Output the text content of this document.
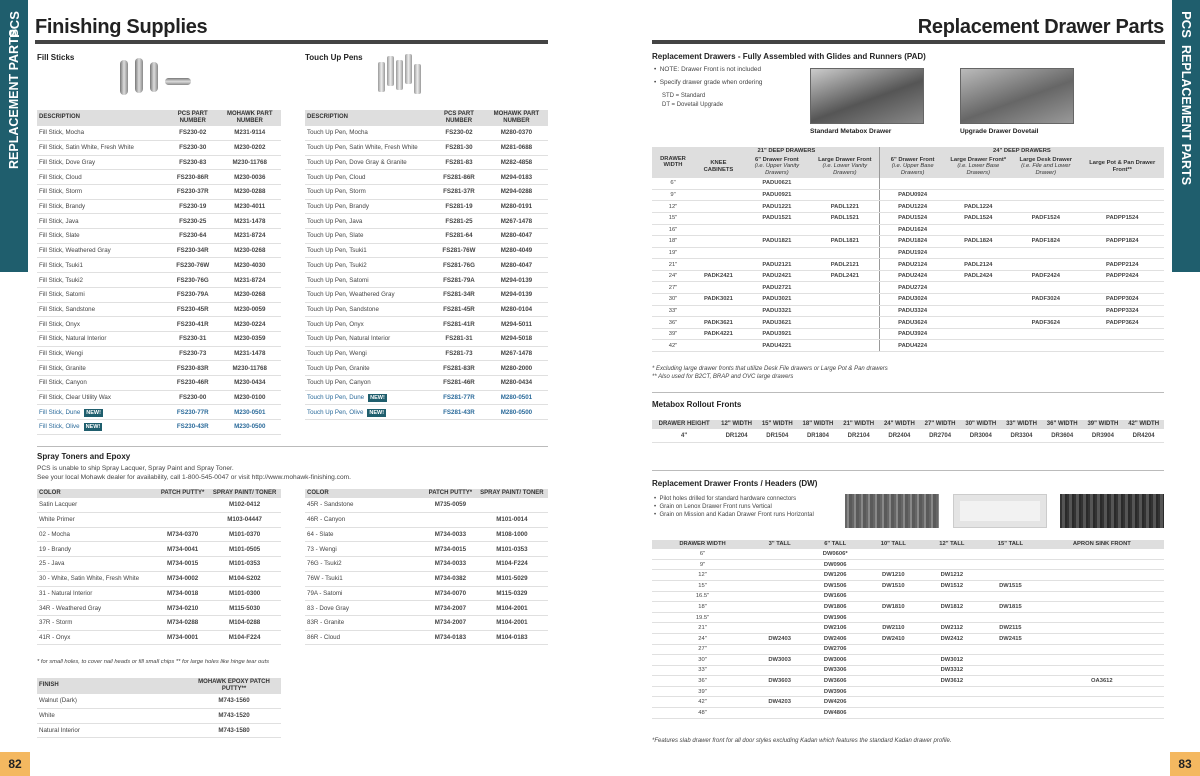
PCS
REPLACEMENT PARTS
82
PCS
REPLACEMENT PARTS
83
Finishing Supplies	Replacement Drawer Parts
Fill Sticks
DESCRIPTION	PCS PART NUMBER	MOHAWK PART NUMBER
Fill Stick, Mocha	FS230-02	M231-9114
Fill Stick, Satin White, Fresh White	FS230-30	M230-0202
Fill Stick, Dove Gray	FS230-83	M230-11768
Fill Stick, Cloud	FS230-86R	M230-0036
Fill Stick, Storm	FS230-37R	M230-0288
Fill Stick, Brandy	FS230-19	M230-4011
Fill Stick, Java	FS230-25	M231-1478
Fill Stick, Slate	FS230-64	M231-8724
Fill Stick, Weathered Gray	FS230-34R	M230-0268
Fill Stick, Tsuki1	FS230-76W	M230-4030
Fill Stick, Tsuki2	FS230-76G	M231-8724
Fill Stick, Satomi	FS230-79A	M230-0268
Fill Stick, Sandstone	FS230-45R	M230-0059
Fill Stick, Onyx	FS230-41R	M230-0224
Fill Stick, Natural Interior	FS230-31	M230-0359
Fill Stick, Wengi	FS230-73	M231-1478
Fill Stick, Granite	FS230-83R	M230-11768
Fill Stick, Canyon	FS230-46R	M230-0434
Fill Stick, Clear Utility Wax	FS230-00	M230-0100
Fill Stick, Dune NEW!	FS230-77R	M230-0501
Fill Stick, Olive NEW!	FS230-43R	M230-0500
Touch Up Pens
DESCRIPTION	PCS PART NUMBER	MOHAWK PART NUMBER
Touch Up Pen, Mocha	FS230-02	M280-0370
Touch Up Pen, Satin White, Fresh White	FS281-30	M281-0688
Touch Up Pen, Dove Gray & Granite	FS281-83	M282-4858
Touch Up Pen, Cloud	FS281-86R	M294-0183
Touch Up Pen, Storm	FS281-37R	M294-0288
Touch Up Pen, Brandy	FS281-19	M280-0191
Touch Up Pen, Java	FS281-25	M267-1478
Touch Up Pen, Slate	FS281-64	M280-4047
Touch Up Pen, Tsuki1	FS281-76W	M280-4049
Touch Up Pen, Tsuki2	FS281-76G	M280-4047
Touch Up Pen, Satomi	FS281-79A	M294-0139
Touch Up Pen, Weathered Gray	FS281-34R	M294-0139
Touch Up Pen, Sandstone	FS281-45R	M280-0104
Touch Up Pen, Onyx	FS281-41R	M294-5011
Touch Up Pen, Natural Interior	FS281-31	M294-5018
Touch Up Pen, Wengi	FS281-73	M267-1478
Touch Up Pen, Granite	FS281-83R	M280-2000
Touch Up Pen, Canyon	FS281-46R	M280-0434
Touch Up Pen, Dune NEW!	FS281-77R	M280-0501
Touch Up Pen, Olive NEW!	FS281-43R	M280-0500
Spray Toners and Epoxy
PCS is unable to ship Spray Lacquer, Spray Paint and Spray Toner.
See your local Mohawk dealer for availability, call 1-800-545-0047 or visit http://www.mohawk-finishing.com.
COLOR	PATCH PUTTY*	SPRAY PAINT/ TONER
Satin Lacquer		M102-0412
White Primer		M103-04447
02 - Mocha	M734-0370	M101-0370
19 - Brandy	M734-0041	M101-0505
25 - Java	M734-0015	M101-0353
30 - White, Satin White, Fresh White	M734-0002	M104-S202
31 - Natural Interior	M734-0018	M101-0300
34R - Weathered Gray	M734-0210	M115-5030
37R - Storm	M734-0288	M104-0288
41R - Onyx	M734-0001	M104-F224
COLOR	PATCH PUTTY*	SPRAY PAINT/ TONER
45R - Sandstone	M735-0059	
46R - Canyon		M101-0014
64 - Slate	M734-0033	M108-1000
73 - Wengi	M734-0015	M101-0353
76G - Tsuki2	M734-0033	M104-F224
76W - Tsuki1	M734-0382	M101-5029
79A - Satomi	M734-0070	M115-0329
83 - Dove Gray	M734-2007	M104-2001
83R - Granite	M734-2007	M104-2001
86R - Cloud	M734-0183	M104-0183
* for small holes, to cover nail heads or fill small chips ** for large holes like hinge tear outs
FINISH	MOHAWK EPOXY PATCH PUTTY**
Walnut (Dark)	M743-1560
White	M743-1520
Natural Interior	M743-1580
Replacement Drawers - Fully Assembled with Glides and Runners (PAD)
•  NOTE: Drawer Front is not included
•  Specify drawer grade when ordering
STD = Standard
DT = Dovetail Upgrade
Standard Metabox Drawer	Upgrade Drawer Dovetail
DRAWER WIDTH	21" DEEP DRAWERS			24" DEEP DRAWERS			
	KNEE CABINETS	6" Drawer Front
(i.e. Upper Vanity Drawers)	Large Drawer Front
(i.e. Lower Vanity Drawers)	6" Drawer Front
(i.e. Upper Base Drawers)	Large Drawer Front*
(i.e. Lower Base Drawers)	Large Desk Drawer
(i.e. File and Lower Drawer)	Large Pot & Pan Drawer Front**
6"		PADU0621					
9"		PADU0921		PADU0924			
12"		PADU1221	PADL1221	PADU1224	PADL1224		
15"		PADU1521	PADL1521	PADU1524	PADL1524	PADF1524	PADPP1524
16"				PADU1624			
18"		PADU1821	PADL1821	PADU1824	PADL1824	PADF1824	PADPP1824
19"				PADU1924			
21"		PADU2121	PADL2121	PADU2124	PADL2124		PADPP2124
24"	PADK2421	PADU2421	PADL2421	PADU2424	PADL2424	PADF2424	PADPP2424
27"		PADU2721		PADU2724			
30"	PADK3021	PADU3021		PADU3024		PADF3024	PADPP3024
33"		PADU3321		PADU3324			PADPP3324
36"	PADK3621	PADU3621		PADU3624		PADF3624	PADPP3624
39"	PADK4221	PADU3921		PADU3924			
42"		PADU4221		PADU4224			
* Excluding large drawer fronts that utilize Desk File drawers or Large Pot & Pan drawers
** Also used for B2CT, BRAP and OVC large drawers
Metabox Rollout Fronts
DRAWER HEIGHT	12" WIDTH	15" WIDTH	18" WIDTH	21" WIDTH	24" WIDTH	27" WIDTH	30" WIDTH	33" WIDTH	36" WIDTH	39" WIDTH	42" WIDTH
4"	DR1204	DR1504	DR1804	DR2104	DR2404	DR2704	DR3004	DR3304	DR3604	DR3904	DR4204
Replacement Drawer Fronts / Headers (DW)
•  Pilot holes drilled for standard hardware connectors
•  Grain on Lenox Drawer Front runs Vertical
•  Grain on Mission and Kadan Drawer Front runs Horizontal
DRAWER WIDTH	3" TALL	6" TALL	10" TALL	12" TALL	15" TALL	APRON SINK FRONT
6"		DW0606*				
9"		DW0906				
12"		DW1206	DW1210	DW1212		
15"		DW1506	DW1510	DW1512	DW1515	
16.5"		DW1606				
18"		DW1806	DW1810	DW1812	DW1815	
19.5"		DW1906				
21"		DW2106	DW2110	DW2112	DW2115	
24"	DW2403	DW2406	DW2410	DW2412	DW2415	
27"		DW2706				
30"	DW3003	DW3006		DW3012		
33"		DW3306		DW3312		
36"	DW3603	DW3606		DW3612		OA3612
39"		DW3906				
42"	DW4203	DW4206				
48"		DW4806				
*Features slab drawer front for all door styles excluding Kadan which features the standard Kadan drawer profile.
